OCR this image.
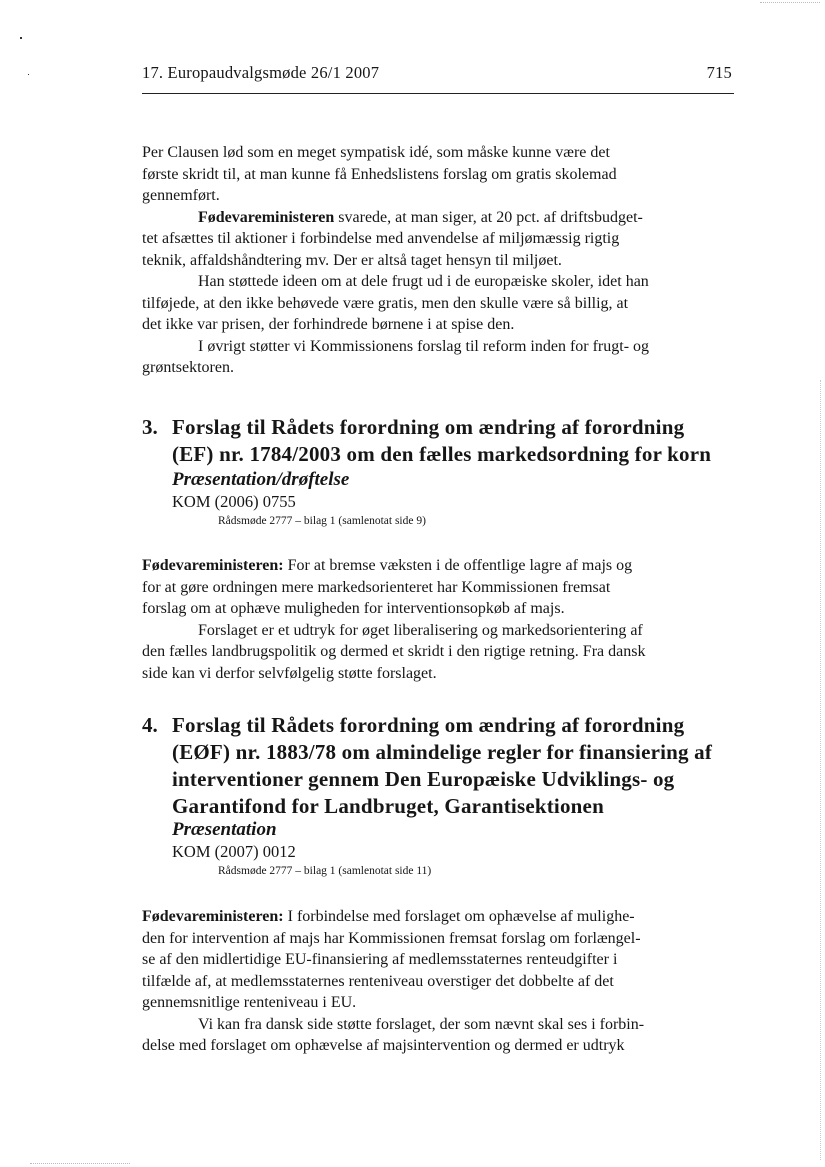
17. Europaudvalgsmøde 26/1 2007	715
Per Clausen lød som en meget sympatisk idé, som måske kunne være det
første skridt til, at man kunne få Enhedslistens forslag om gratis skolemad
gennemført.
Fødevareministeren svarede, at man siger, at 20 pct. af driftsbudget-
tet afsættes til aktioner i forbindelse med anvendelse af miljømæssig rigtig
teknik, affaldshåndtering mv. Der er altså taget hensyn til miljøet.
Han støttede ideen om at dele frugt ud i de europæiske skoler, idet han
tilføjede, at den ikke behøvede være gratis, men den skulle være så billig, at
det ikke var prisen, der forhindrede børnene i at spise den.
I øvrigt støtter vi Kommissionens forslag til reform inden for frugt- og
grøntsektoren.
3. Forslag til Rådets forordning om ændring af forordning
(EF) nr. 1784/2003 om den fælles markedsordning for korn
Præsentation/drøftelse
KOM (2006) 0755
Rådsmøde 2777 – bilag 1 (samlenotat side 9)
Fødevareministeren: For at bremse væksten i de offentlige lagre af majs og
for at gøre ordningen mere markedsorienteret har Kommissionen fremsat
forslag om at ophæve muligheden for interventionsopkøb af majs.
Forslaget er et udtryk for øget liberalisering og markedsorientering af
den fælles landbrugspolitik og dermed et skridt i den rigtige retning. Fra dansk
side kan vi derfor selvfølgelig støtte forslaget.
4. Forslag til Rådets forordning om ændring af forordning
(EØF) nr. 1883/78 om almindelige regler for finansiering af
interventioner gennem Den Europæiske Udviklings- og
Garantifond for Landbruget, Garantisektionen
Præsentation
KOM (2007) 0012
Rådsmøde 2777 – bilag 1 (samlenotat side 11)
Fødevareministeren: I forbindelse med forslaget om ophævelse af mulighe-
den for intervention af majs har Kommissionen fremsat forslag om forlængel-
se af den midlertidige EU-finansiering af medlemsstaternes renteudgifter i
tilfælde af, at medlemsstaternes renteniveau overstiger det dobbelte af det
gennemsnitlige renteniveau i EU.
Vi kan fra dansk side støtte forslaget, der som nævnt skal ses i forbin-
delse med forslaget om ophævelse af majsintervention og dermed er udtryk
